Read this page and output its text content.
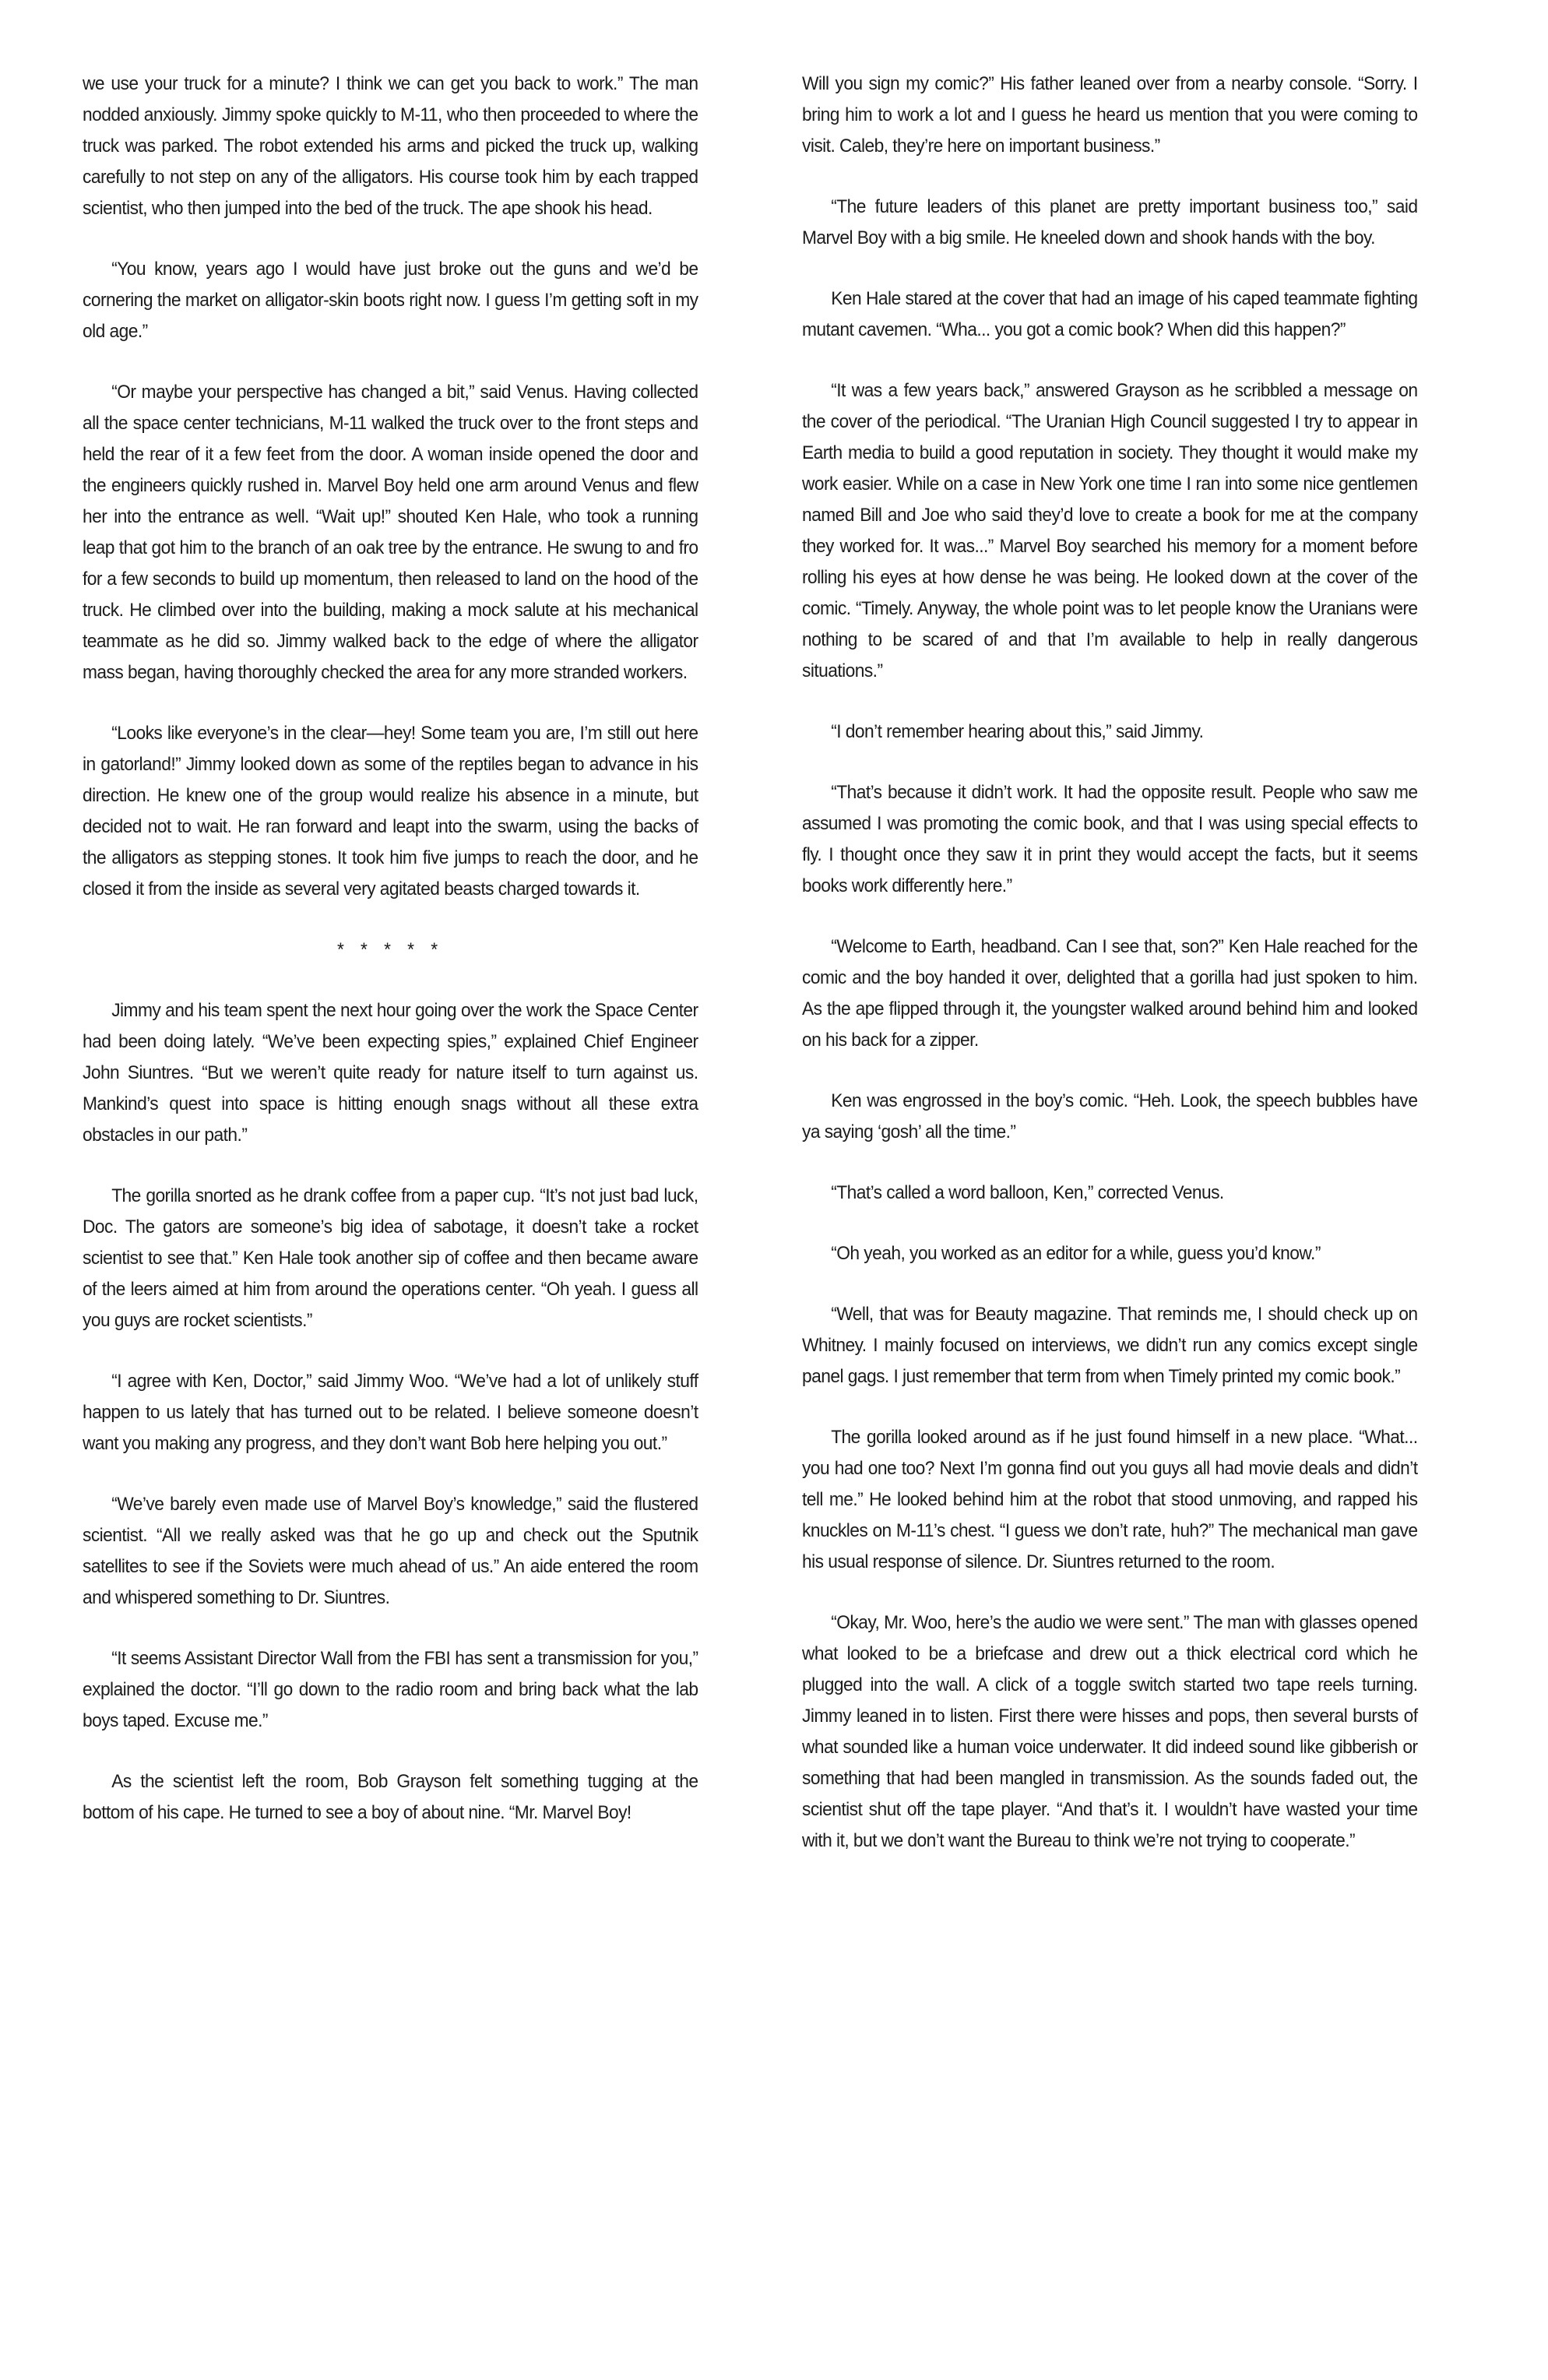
we use your truck for a minute? I think we can get you back to work.” The man nodded anxiously. Jimmy spoke quickly to M-11, who then proceeded to where the truck was parked. The robot extended his arms and picked the truck up, walking carefully to not step on any of the alligators. His course took him by each trapped scientist, who then jumped into the bed of the truck. The ape shook his head.

“You know, years ago I would have just broke out the guns and we’d be cornering the market on alligator-skin boots right now. I guess I’m getting soft in my old age.”

“Or maybe your perspective has changed a bit,” said Venus. Having collected all the space center technicians, M-11 walked the truck over to the front steps and held the rear of it a few feet from the door. A woman inside opened the door and the engineers quickly rushed in. Marvel Boy held one arm around Venus and flew her into the entrance as well. “Wait up!” shouted Ken Hale, who took a running leap that got him to the branch of an oak tree by the entrance. He swung to and fro for a few seconds to build up momentum, then released to land on the hood of the truck. He climbed over into the building, making a mock salute at his mechanical teammate as he did so. Jimmy walked back to the edge of where the alligator mass began, having thoroughly checked the area for any more stranded workers.

“Looks like everyone’s in the clear—hey! Some team you are, I’m still out here in gatorland!” Jimmy looked down as some of the reptiles began to advance in his direction. He knew one of the group would realize his absence in a minute, but decided not to wait. He ran forward and leapt into the swarm, using the backs of the alligators as stepping stones. It took him five jumps to reach the door, and he closed it from the inside as several very agitated beasts charged towards it.

* * * * *

Jimmy and his team spent the next hour going over the work the Space Center had been doing lately. “We’ve been expecting spies,” explained Chief Engineer John Siuntres. “But we weren’t quite ready for nature itself to turn against us. Mankind’s quest into space is hitting enough snags without all these extra obstacles in our path.”

The gorilla snorted as he drank coffee from a paper cup. “It’s not just bad luck, Doc. The gators are someone’s big idea of sabotage, it doesn’t take a rocket scientist to see that.” Ken Hale took another sip of coffee and then became aware of the leers aimed at him from around the operations center. “Oh yeah. I guess all you guys are rocket scientists.”

“I agree with Ken, Doctor,” said Jimmy Woo. “We’ve had a lot of unlikely stuff happen to us lately that has turned out to be related. I believe someone doesn’t want you making any progress, and they don’t want Bob here helping you out.”

“We’ve barely even made use of Marvel Boy’s knowledge,” said the flustered scientist. “All we really asked was that he go up and check out the Sputnik satellites to see if the Soviets were much ahead of us.” An aide entered the room and whispered something to Dr. Siuntres.

“It seems Assistant Director Wall from the FBI has sent a transmission for you,” explained the doctor. “I’ll go down to the radio room and bring back what the lab boys taped. Excuse me.”

As the scientist left the room, Bob Grayson felt something tugging at the bottom of his cape. He turned to see a boy of about nine. “Mr. Marvel Boy!

Will you sign my comic?” His father leaned over from a nearby console. “Sorry. I bring him to work a lot and I guess he heard us mention that you were coming to visit. Caleb, they’re here on important business.”

“The future leaders of this planet are pretty important business too,” said Marvel Boy with a big smile. He kneeled down and shook hands with the boy.

Ken Hale stared at the cover that had an image of his caped teammate fighting mutant cavemen. “Wha... you got a comic book? When did this happen?”

“It was a few years back,” answered Grayson as he scribbled a message on the cover of the periodical. “The Uranian High Council suggested I try to appear in Earth media to build a good reputation in society. They thought it would make my work easier. While on a case in New York one time I ran into some nice gentlemen named Bill and Joe who said they’d love to create a book for me at the company they worked for. It was...” Marvel Boy searched his memory for a moment before rolling his eyes at how dense he was being. He looked down at the cover of the comic. “Timely. Anyway, the whole point was to let people know the Uranians were nothing to be scared of and that I’m available to help in really dangerous situations.”

“I don’t remember hearing about this,” said Jimmy.

“That’s because it didn’t work. It had the opposite result. People who saw me assumed I was promoting the comic book, and that I was using special effects to fly. I thought once they saw it in print they would accept the facts, but it seems books work differently here.”

“Welcome to Earth, headband. Can I see that, son?” Ken Hale reached for the comic and the boy handed it over, delighted that a gorilla had just spoken to him. As the ape flipped through it, the youngster walked around behind him and looked on his back for a zipper.

Ken was engrossed in the boy’s comic. “Heh. Look, the speech bubbles have ya saying ‘gosh’ all the time.”

“That’s called a word balloon, Ken,” corrected Venus.

“Oh yeah, you worked as an editor for a while, guess you’d know.”

“Well, that was for Beauty magazine. That reminds me, I should check up on Whitney. I mainly focused on interviews, we didn’t run any comics except single panel gags. I just remember that term from when Timely printed my comic book.”

The gorilla looked around as if he just found himself in a new place. “What... you had one too? Next I’m gonna find out you guys all had movie deals and didn’t tell me.” He looked behind him at the robot that stood unmoving, and rapped his knuckles on M-11’s chest. “I guess we don’t rate, huh?” The mechanical man gave his usual response of silence. Dr. Siuntres returned to the room.

“Okay, Mr. Woo, here’s the audio we were sent.” The man with glasses opened what looked to be a briefcase and drew out a thick electrical cord which he plugged into the wall. A click of a toggle switch started two tape reels turning. Jimmy leaned in to listen. First there were hisses and pops, then several bursts of what sounded like a human voice underwater. It did indeed sound like gibberish or something that had been mangled in transmission. As the sounds faded out, the scientist shut off the tape player. “And that’s it. I wouldn’t have wasted your time with it, but we don’t want the Bureau to think we’re not trying to cooperate.”
